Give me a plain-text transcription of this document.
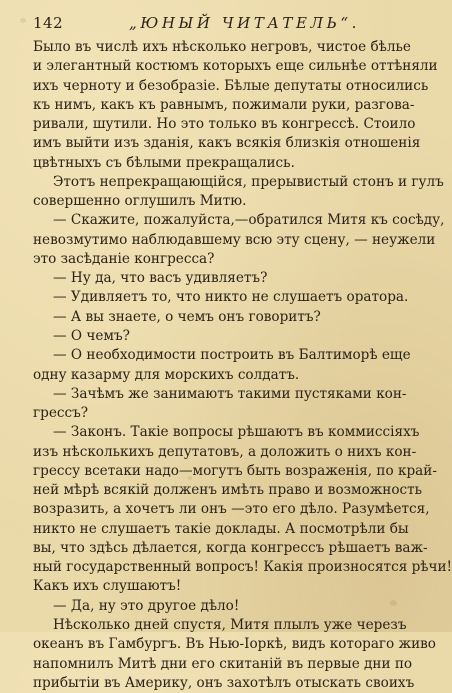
142	„ЮНЫЙ ЧИТАТЕЛЬ“.
Было въ числѣ ихъ нѣсколько негровъ, чистое бѣлье
и элегантный костюмъ которыхъ еще сильнѣе оттѣняли
ихъ черноту и безобразіе. Бѣлые депутаты относились
къ нимъ, какъ къ равнымъ, пожимали руки, разгова-
ривали, шутили. Но это только въ конгрессѣ. Стоило
имъ выйти изъ зданія, какъ всякія близкія отношенія
цвѣтныхъ съ бѣлыми прекращались.
Этотъ непрекращающійся, прерывистый стонъ и гулъ
совершенно оглушилъ Митю.
— Скажите, пожалуйста,—обратился Митя къ сосѣду,
невозмутимо наблюдавшему всю эту сцену, — неужели
это засѣданіе конгресса?
— Ну да, что васъ удивляетъ?
— Удивляетъ то, что никто не слушаетъ оратора.
— А вы знаете, о чемъ онъ говоритъ?
— О чемъ?
— О необходимости построить въ Балтиморѣ еще
одну казарму для морскихъ солдатъ.
— Зачѣмъ же занимаютъ такими пустяками кон-
грессъ?
— Законъ. Такіе вопросы рѣшаютъ въ коммиссіяхъ
изъ нѣсколькихъ депутатовъ, а доложить о нихъ кон-
грессу всетаки надо—могутъ быть возраженія, по край-
ней мѣрѣ всякій долженъ имѣть право и возможность
возразить, а хочетъ ли онъ —это его дѣло. Разумѣется,
никто не слушаетъ такіе доклады. А посмотрѣли бы
вы, что здѣсь дѣлается, когда конгрессъ рѣшаетъ важ-
ный государственный вопросъ! Какія произносятся рѣчи!
Какъ ихъ слушаютъ!
— Да, ну это другое дѣло!
Нѣсколько дней спустя, Митя плылъ уже черезъ
океанъ въ Гамбургъ. Въ Нью-Іоркѣ, видъ котораго живо
напомнилъ Митѣ дни его скитаній въ первые дни по
прибытіи въ Америку, онъ захотѣлъ отыскать своихъ
